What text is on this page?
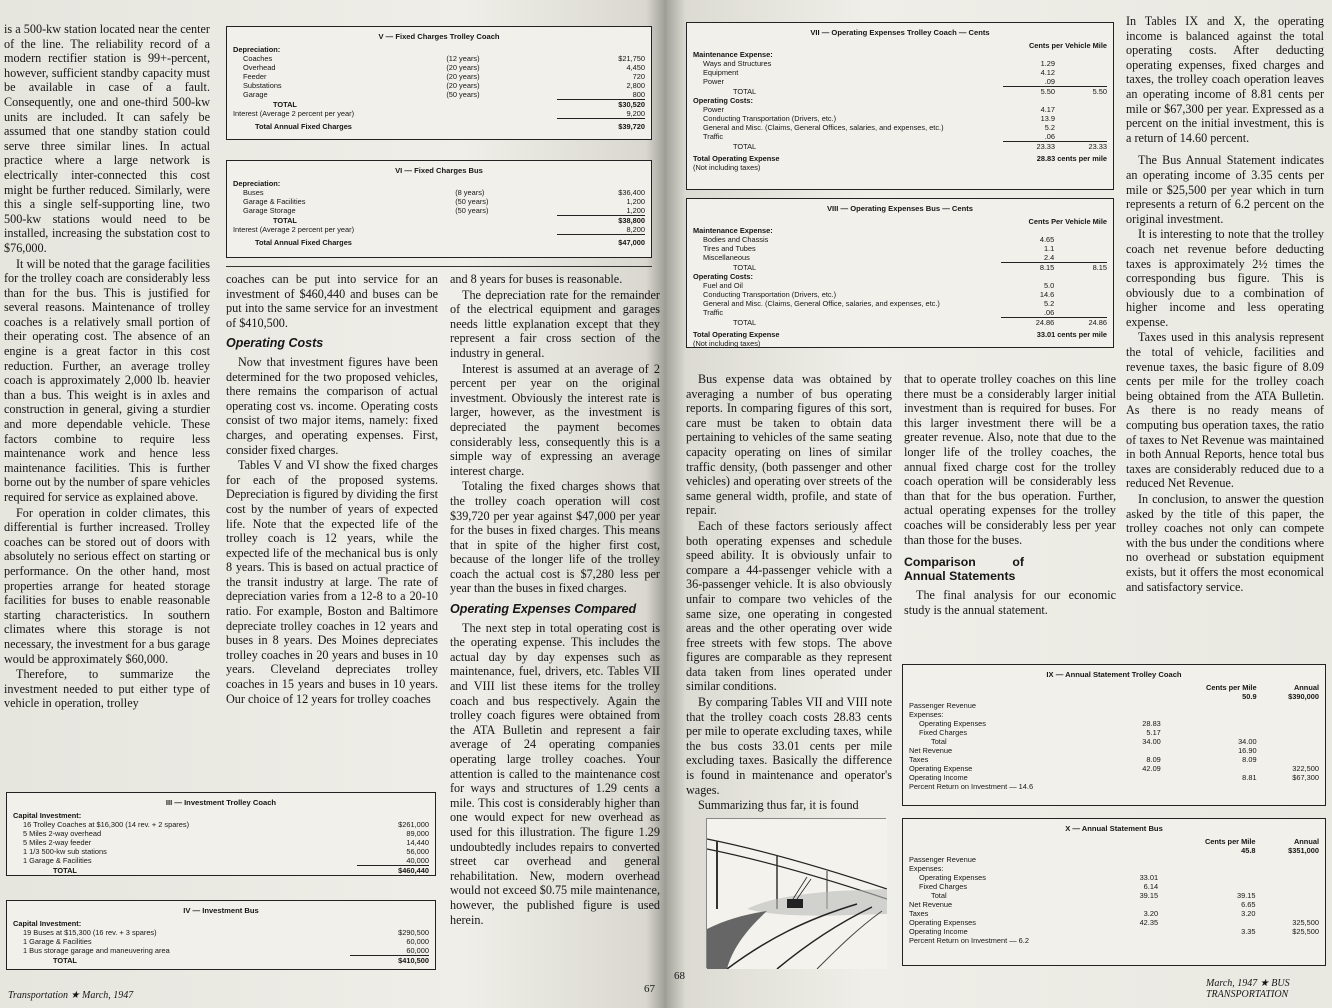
is a 500-kw station located near the center of the line. The reliability record of a modern rectifier station is 99+-percent, however, sufficient standby capacity must be available in case of a fault. Consequently, one and one-third 500-kw units are included. It can safely be assumed that one standby station could serve three similar lines. In actual practice where a large network is electrically inter-connected this cost might be further reduced. Similarly, were this a single self-supporting line, two 500-kw stations would need to be installed, increasing the substation cost to $76,000.

It will be noted that the garage facilities for the trolley coach are considerably less than for the bus. This is justified for several reasons. Maintenance of trolley coaches is a relatively small portion of their operating cost. The absence of an engine is a great factor in this cost reduction. Further, an average trolley coach is approximately 2,000 lb. heavier than a bus. This weight is in axles and construction in general, giving a sturdier and more dependable vehicle. These factors combine to require less maintenance work and hence less maintenance facilities. This is further borne out by the number of spare vehicles required for service as explained above.

For operation in colder climates, this differential is further increased. Trolley coaches can be stored out of doors with absolutely no serious effect on starting or performance. On the other hand, most properties arrange for heated storage facilities for buses to enable reasonable starting characteristics. In southern climates where this storage is not necessary, the investment for a bus garage would be approximately $60,000.

Therefore, to summarize the investment needed to put either type of vehicle in operation, trolley

V — Fixed Charges Trolley Coach
Depreciation:		
Coaches	(12 years)	$21,750
Overhead	(20 years)	4,450
Feeder	(20 years)	720
Substations	(20 years)	2,800
Garage	(50 years)	800
TOTAL		$30,520
Interest (Average 2 percent per year)		9,200
Total Annual Fixed Charges		$39,720
VI — Fixed Charges Bus
Depreciation:		
Buses	(8 years)	$36,400
Garage & Facilities	(50 years)	1,200
Garage Storage	(50 years)	1,200
TOTAL		$38,800
Interest (Average 2 percent per year)		8,200
Total Annual Fixed Charges		$47,000

coaches can be put into service for an investment of $460,440 and buses can be put into the same service for an investment of $410,500.

Operating Costs

Now that investment figures have been determined for the two proposed vehicles, there remains the comparison of actual operating cost vs. income. Operating costs consist of two major items, namely: fixed charges, and operating expenses. First, consider fixed charges.

Tables V and VI show the fixed charges for each of the proposed systems. Depreciation is figured by dividing the first cost by the number of years of expected life. Note that the expected life of the trolley coach is 12 years, while the expected life of the mechanical bus is only 8 years. This is based on actual practice of the transit industry at large. The rate of depreciation varies from a 12-8 to a 20-10 ratio. For example, Boston and Baltimore depreciate trolley coaches in 12 years and buses in 8 years. Des Moines depreciates trolley coaches in 20 years and buses in 10 years. Cleveland depreciates trolley coaches in 15 years and buses in 10 years. Our choice of 12 years for trolley coaches

and 8 years for buses is reasonable.

The depreciation rate for the remainder of the electrical equipment and garages needs little explanation except that they represent a fair cross section of the industry in general.

Interest is assumed at an average of 2 percent per year on the original investment. Obviously the interest rate is larger, however, as the investment is depreciated the payment becomes considerably less, consequently this is a simple way of expressing an average interest charge.

Totaling the fixed charges shows that the trolley coach operation will cost $39,720 per year against $47,000 per year for the buses in fixed charges. This means that in spite of the higher first cost, because of the longer life of the trolley coach the actual cost is $7,280 less per year than the buses in fixed charges.

Operating Expenses Compared

The next step in total operating cost is the operating expense. This includes the actual day by day expenses such as maintenance, fuel, drivers, etc. Tables VII and VIII list these items for the trolley coach and bus respectively. Again the trolley coach figures were obtained from the ATA Bulletin and represent a fair average of 24 operating companies operating large trolley coaches. Your attention is called to the maintenance cost for ways and structures of 1.29 cents a mile. This cost is considerably higher than one would expect for new overhead as used for this illustration. The figure 1.29 undoubtedly includes repairs to converted street car overhead and general rehabilitation. New, modern overhead would not exceed $0.75 mile maintenance, however, the published figure is used herein.

III — Investment Trolley Coach
Capital Investment:	
16 Trolley Coaches at $16,300 (14 rev. + 2 spares)	$261,000
5 Miles 2-way overhead	89,000
5 Miles 2-way feeder	14,440
1 1/3 500-kw sub stations	56,000
1 Garage & Facilities	40,000
TOTAL	$460,440
IV — Investment Bus
Capital Investment:	
19 Buses at $15,300 (16 rev. + 3 spares)	$290,500
1 Garage & Facilities	60,000
1 Bus storage garage and maneuvering area	60,000
TOTAL	$410,500
Transportation ★ March, 1947
67
VII — Operating Expenses Trolley Coach — Cents
	Cents per Vehicle Mile	
Maintenance Expense:		
Ways and Structures	1.29	
Equipment	4.12	
Power	.09	
TOTAL	5.50	5.50
Operating Costs:		
Power	4.17	
Conducting Transportation (Drivers, etc.)	13.9	
General and Misc. (Claims, General Offices, salaries, and expenses, etc.)	5.2	
Traffic	.06	
TOTAL	23.33	23.33
Total Operating Expense	28.83 cents per mile
(Not including taxes)	
VIII — Operating Expenses Bus — Cents
	Cents Per Vehicle Mile	
Maintenance Expense:		
Bodies and Chassis	4.65	
Tires and Tubes	1.1	
Miscellaneous	2.4	
TOTAL	8.15	8.15
Operating Costs:		
Fuel and Oil	5.0	
Conducting Transportation (Drivers, etc.)	14.6	
General and Misc. (Claims, General Office, salaries, and expenses, etc.)	5.2	
Traffic	.06	
TOTAL	24.86	24.86
Total Operating Expense	33.01 cents per mile
(Not including taxes)	

In Tables IX and X, the operating income is balanced against the total operating costs. After deducting operating expenses, fixed charges and taxes, the trolley coach operation leaves an operating income of 8.81 cents per mile or $67,300 per year. Expressed as a percent on the initial investment, this is a return of 14.60 percent.

The Bus Annual Statement indicates an operating income of 3.35 cents per mile or $25,500 per year which in turn represents a return of 6.2 percent on the original investment.

It is interesting to note that the trolley coach net revenue before deducting taxes is approximately 2½ times the corresponding bus figure. This is obviously due to a combination of higher income and less operating expense.

Taxes used in this analysis represent the total of vehicle, facilities and revenue taxes, the basic figure of 8.09 cents per mile for the trolley coach being obtained from the ATA Bulletin. As there is no ready means of computing bus operation taxes, the ratio of taxes to Net Revenue was maintained in both Annual Reports, hence total bus taxes are considerably reduced due to a reduced Net Revenue.

In conclusion, to answer the question asked by the title of this paper, the trolley coaches not only can compete with the bus under the conditions where no overhead or substation equipment exists, but it offers the most economical and satisfactory service.

Bus expense data was obtained by averaging a number of bus operating reports. In comparing figures of this sort, care must be taken to obtain data pertaining to vehicles of the same seating capacity operating on lines of similar traffic density, (both passenger and other vehicles) and operating over streets of the same general width, profile, and state of repair.

Each of these factors seriously affect both operating expenses and schedule speed ability. It is obviously unfair to compare a 44-passenger vehicle with a 36-passenger vehicle. It is also obviously unfair to compare two vehicles of the same size, one operating in congested areas and the other operating over wide free streets with few stops. The above figures are comparable as they represent data taken from lines operated under similar conditions.

By comparing Tables VII and VIII note that the trolley coach costs 28.83 cents per mile to operate excluding taxes, while the bus costs 33.01 cents per mile excluding taxes. Basically the difference is found in maintenance and operator's wages.

Summarizing thus far, it is found

that to operate trolley coaches on this line there must be a considerably larger initial investment than is required for buses. For this larger investment there will be a greater revenue. Also, note that due to the longer life of the trolley coaches, the annual fixed charge cost for the trolley coach operation will be considerably less than that for the bus operation. Further, actual operating expenses for the trolley coaches will be considerably less per year than those for the buses.

Comparison of Annual Statements

The final analysis for our economic study is the annual statement.

IX — Annual Statement Trolley Coach
		Cents per Mile	Annual
		50.9	$390,000
Passenger Revenue			
Expenses:			
Operating Expenses	28.83		
Fixed Charges	5.17		
Total	34.00	34.00	
Net Revenue		16.90	
Taxes	8.09	8.09	
Operating Expense	42.09		322,500
Operating Income		8.81	$67,300
Percent Return on Investment — 14.6			
X — Annual Statement Bus
		Cents per Mile	Annual
		45.8	$351,000
Passenger Revenue			
Expenses:			
Operating Expenses	33.01		
Fixed Charges	6.14		
Total	39.15	39.15	
Net Revenue		6.65	
Taxes	3.20	3.20	
Operating Expenses	42.35		325,500
Operating Income		3.35	$25,500
Percent Return on Investment — 6.2			
68
March, 1947 ★ BUS TRANSPORTATION
